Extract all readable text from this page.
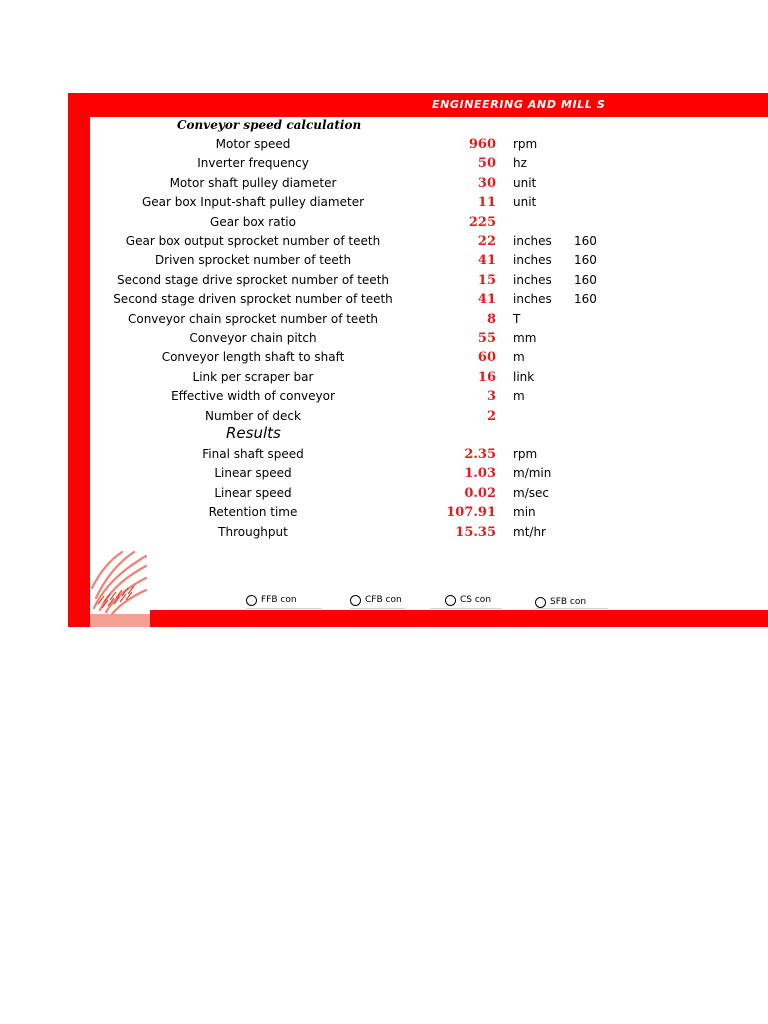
ENGINEERING AND MILL S
Conveyor speed calculation
Motor speed	960 rpm
Inverter frequency	50 hz
Motor shaft pulley diameter	30 unit
Gear box Input-shaft pulley diameter	11 unit
Gear box ratio	225
Gear box output sprocket number of teeth	22 inches 160
Driven sprocket number of teeth	41 inches 160
Second stage drive sprocket number of teeth	15 inches 160
Second stage driven sprocket number of teeth	41 inches 160
Conveyor chain sprocket number of teeth	8 T
Conveyor chain pitch	55 mm
Conveyor length shaft to shaft	60 m
Link per scraper bar	16 link
Effective width of conveyor	3 m
Number of deck	2
Results
Final shaft speed	2.35 rpm
Linear speed	1.03 m/min
Linear speed	0.02 m/sec
Retention time	107.91 min
Throughput	15.35 mt/hr
FFB con	CFB con	CS con	SFB con
